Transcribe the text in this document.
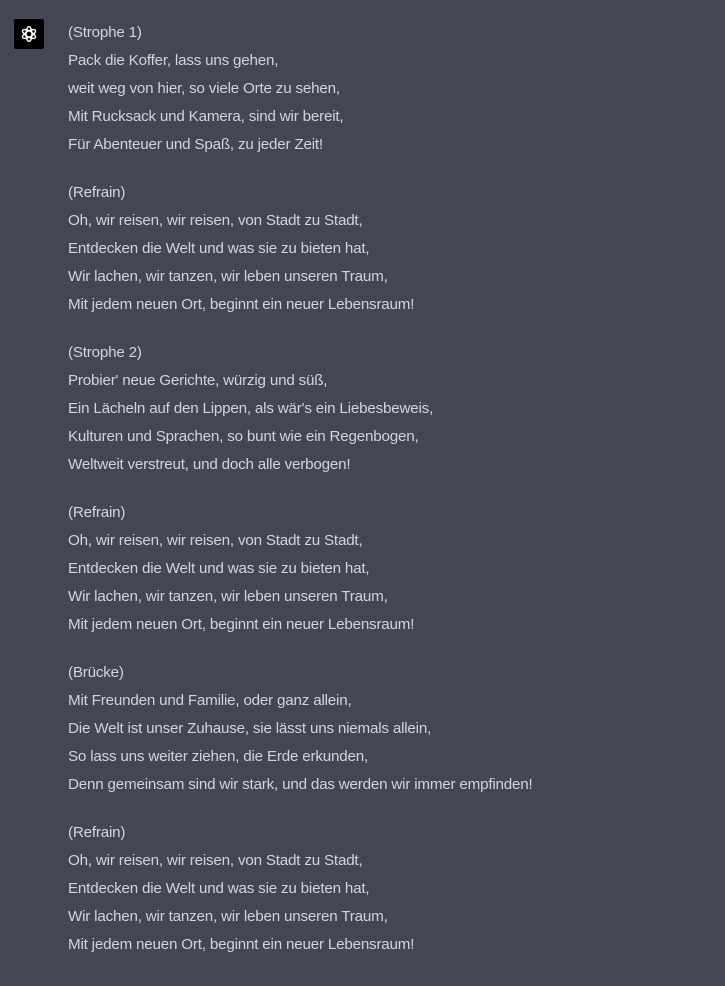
(Strophe 1)
Pack die Koffer, lass uns gehen,
weit weg von hier, so viele Orte zu sehen,
Mit Rucksack und Kamera, sind wir bereit,
Für Abenteuer und Spaß, zu jeder Zeit!
(Refrain)
Oh, wir reisen, wir reisen, von Stadt zu Stadt,
Entdecken die Welt und was sie zu bieten hat,
Wir lachen, wir tanzen, wir leben unseren Traum,
Mit jedem neuen Ort, beginnt ein neuer Lebensraum!
(Strophe 2)
Probier' neue Gerichte, würzig und süß,
Ein Lächeln auf den Lippen, als wär's ein Liebesbeweis,
Kulturen und Sprachen, so bunt wie ein Regenbogen,
Weltweit verstreut, und doch alle verbogen!
(Refrain)
Oh, wir reisen, wir reisen, von Stadt zu Stadt,
Entdecken die Welt und was sie zu bieten hat,
Wir lachen, wir tanzen, wir leben unseren Traum,
Mit jedem neuen Ort, beginnt ein neuer Lebensraum!
(Brücke)
Mit Freunden und Familie, oder ganz allein,
Die Welt ist unser Zuhause, sie lässt uns niemals allein,
So lass uns weiter ziehen, die Erde erkunden,
Denn gemeinsam sind wir stark, und das werden wir immer empfinden!
(Refrain)
Oh, wir reisen, wir reisen, von Stadt zu Stadt,
Entdecken die Welt und was sie zu bieten hat,
Wir lachen, wir tanzen, wir leben unseren Traum,
Mit jedem neuen Ort, beginnt ein neuer Lebensraum!
